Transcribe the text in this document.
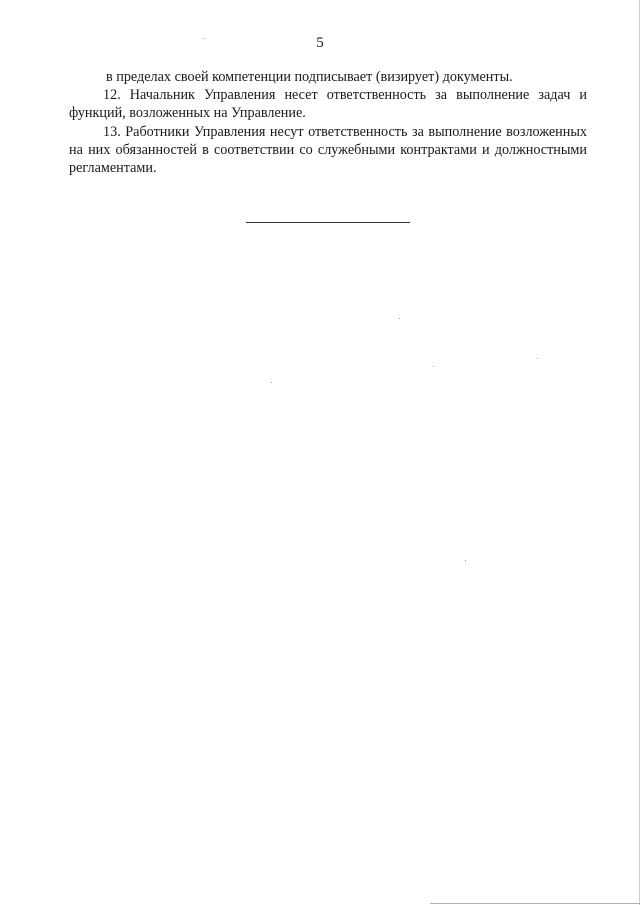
5

в пределах своей компетенции подписывает (визирует) документы.

12. Начальник Управления несет ответственность за выполнение задач и функций, возложенных на Управление.

13. Работники Управления несут ответственность за выполнение возложенных на них обязанностей в соответствии со служебными контрактами и должностными регламентами.
